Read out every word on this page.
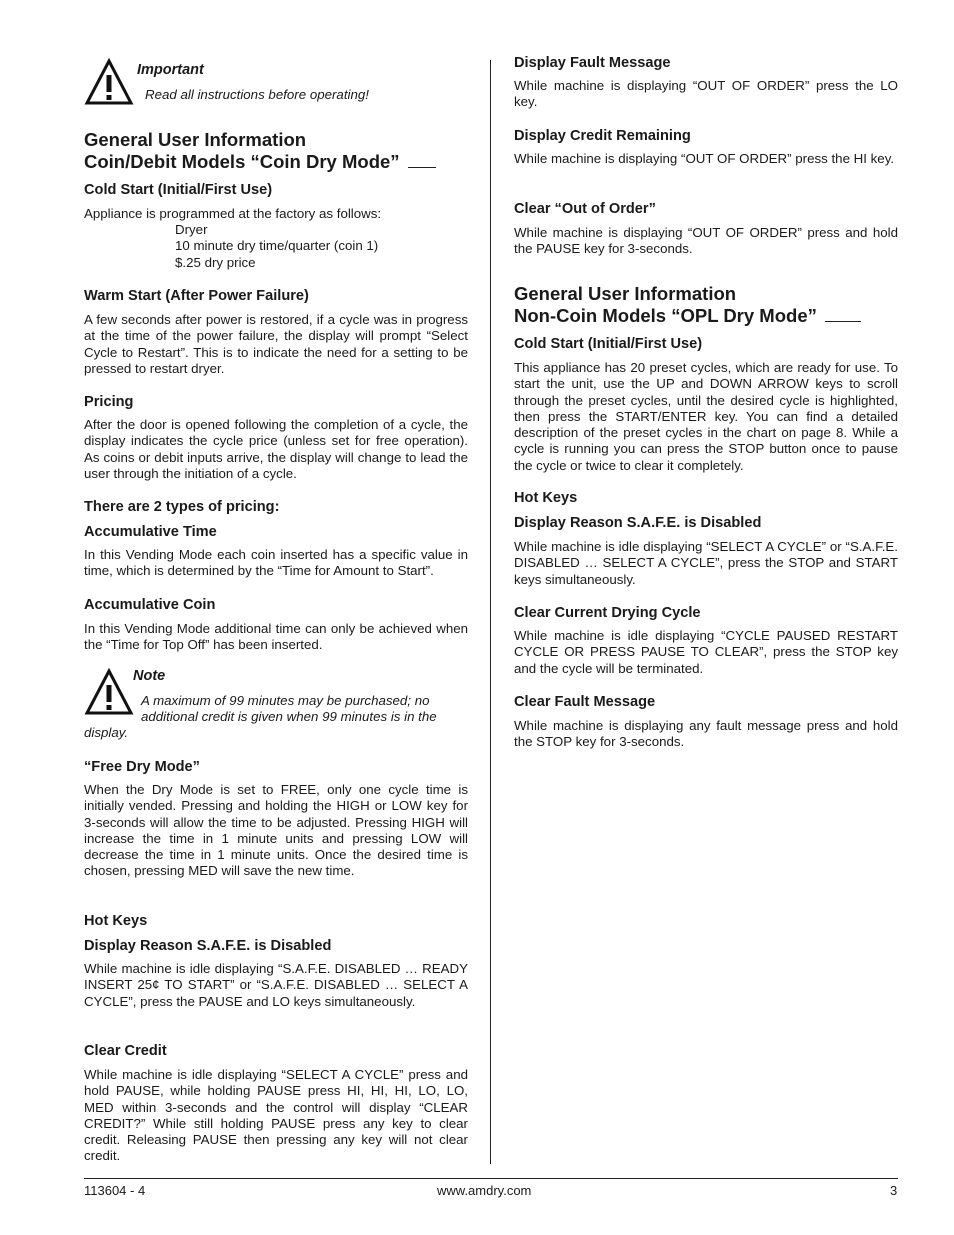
Important
Read all instructions before operating!
General User Information
Coin/Debit Models “Coin Dry Mode”
Cold Start (Initial/First Use)
Appliance is programmed at the factory as follows:
Dryer
10 minute dry time/quarter (coin 1)
$.25 dry price
Warm Start (After Power Failure)
A few seconds after power is restored, if a cycle was in progress at the time of the power failure, the display will prompt “Select Cycle to Restart”. This is to indicate the need for a setting to be pressed to restart dryer.
Pricing
After the door is opened following the completion of a cycle, the display indicates the cycle price (unless set for free operation). As coins or debit inputs arrive, the display will change to lead the user through the initiation of a cycle.
There are 2 types of pricing:
Accumulative Time
In this Vending Mode each coin inserted has a specific value in time, which is determined by the “Time for Amount to Start”.
Accumulative Coin
In this Vending Mode additional time can only be achieved when the “Time for Top Off” has been inserted.
Note
A maximum of 99 minutes may be purchased; no
additional credit is given when 99 minutes is in the
display.
“Free Dry Mode”
When the Dry Mode is set to FREE, only one cycle time is initially vended. Pressing and holding the HIGH or LOW key for 3-seconds will allow the time to be adjusted. Pressing HIGH will increase the time in 1 minute units and pressing LOW will decrease the time in 1 minute units. Once the desired time is chosen, pressing MED will save the new time.
Hot Keys
Display Reason S.A.F.E. is Disabled
While machine is idle displaying “S.A.F.E. DISABLED … READY INSERT 25¢ TO START” or “S.A.F.E. DISABLED … SELECT A CYCLE”, press the PAUSE and LO keys simultaneously.
Clear Credit
While machine is idle displaying “SELECT A CYCLE” press and hold PAUSE, while holding PAUSE press HI, HI, HI, LO, LO, MED within 3-seconds and the control will display “CLEAR CREDIT?” While still holding PAUSE press any key to clear credit. Releasing PAUSE then pressing any key will not clear credit.
Display Fault Message
While machine is displaying “OUT OF ORDER” press the LO key.
Display Credit Remaining
While machine is displaying “OUT OF ORDER” press the HI key.
Clear “Out of Order”
While machine is displaying “OUT OF ORDER” press and hold the PAUSE key for 3-seconds.
General User Information
Non-Coin Models “OPL Dry Mode”
Cold Start (Initial/First Use)
This appliance has 20 preset cycles, which are ready for use. To start the unit, use the UP and DOWN ARROW keys to scroll through the preset cycles, until the desired cycle is highlighted, then press the START/ENTER key. You can find a detailed description of the preset cycles in the chart on page 8. While a cycle is running you can press the STOP button once to pause the cycle or twice to clear it completely.
Hot Keys
Display Reason S.A.F.E. is Disabled
While machine is idle displaying “SELECT A CYCLE” or “S.A.F.E. DISABLED … SELECT A CYCLE”, press the STOP and START keys simultaneously.
Clear Current Drying Cycle
While machine is idle displaying “CYCLE PAUSED RESTART CYCLE OR PRESS PAUSE TO CLEAR”, press the STOP key and the cycle will be terminated.
Clear Fault Message
While machine is displaying any fault message press and hold the STOP key for 3-seconds.
113604 - 4	www.amdry.com	3
